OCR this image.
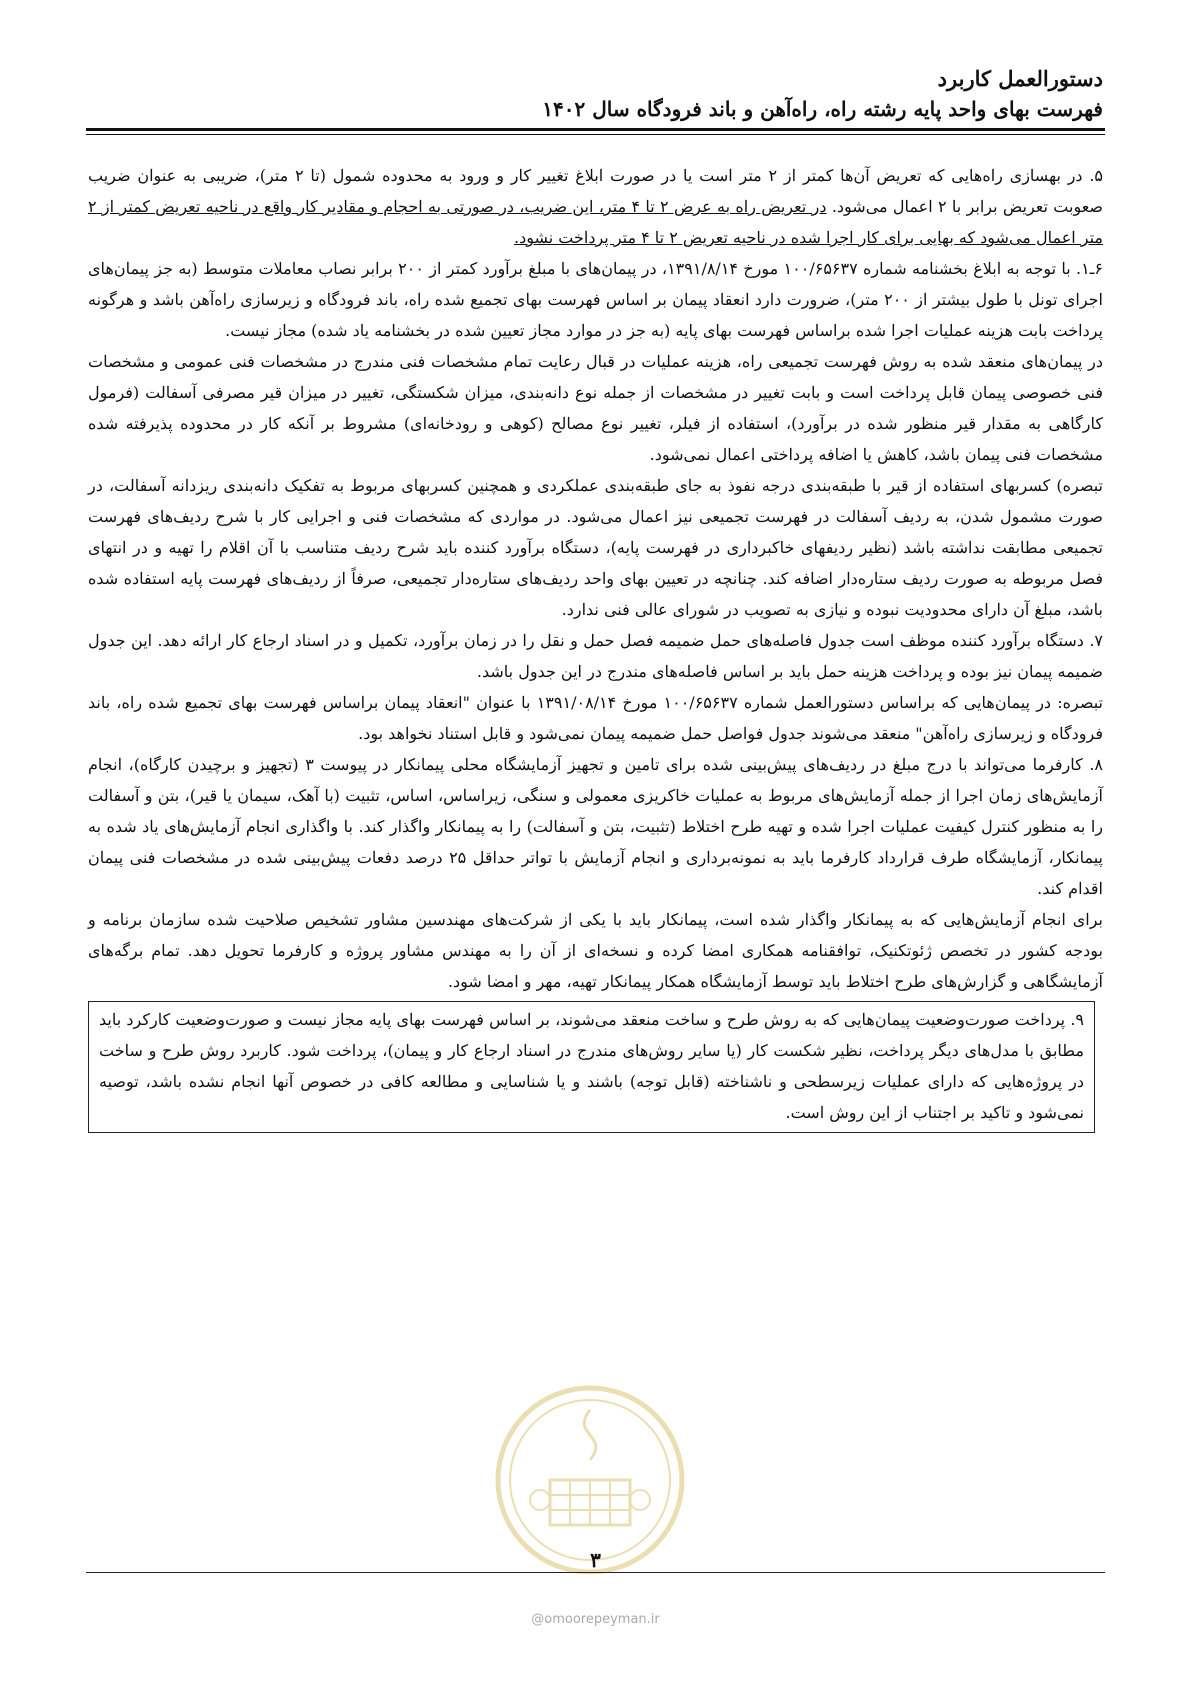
دستورالعمل کاربرد
فهرست بهای واحد پایه رشته راه، راه‌آهن و باند فرودگاه سال ۱۴۰۲

۵. در بهسازی راه‌هایی که تعریض آن‌ها کمتر از ۲ متر است یا در صورت ابلاغ تغییر کار و ورود به محدوده شمول (تا ۲ متر)، ضریبی به عنوان ضریب صعوبت تعریض برابر با ۲ اعمال می‌شود. در تعریض راه به عرض ۲ تا ۴ متر، این ضریب، در صورتی به احجام و مقادیر کار واقع در ناحیه تعریض کمتر از ۲ متر اعمال می‌شود که بهایی برای کار اجرا شده در ناحیه تعریض ۲ تا ۴ متر پرداخت نشود.

۶ـ۱. با توجه به ابلاغ بخشنامه شماره ۱۰۰/۶۵۶۳۷ مورخ ۱۳۹۱/۸/۱۴، در پیمان‌های با مبلغ برآورد کمتر از ۲۰۰ برابر نصاب معاملات متوسط (به جز پیمان‌های اجرای تونل با طول بیشتر از ۲۰۰ متر)، ضرورت دارد انعقاد پیمان بر اساس فهرست بهای تجمیع شده راه، باند فرودگاه و زیرسازی راه‌آهن باشد و هرگونه پرداخت بابت هزینه عملیات اجرا شده براساس فهرست بهای پایه (به جز در موارد مجاز تعیین شده در بخشنامه یاد شده) مجاز نیست.

در پیمان‌های منعقد شده به روش فهرست تجمیعی راه، هزینه عملیات در قبال رعایت تمام مشخصات فنی مندرج در مشخصات فنی عمومی و مشخصات فنی خصوصی پیمان قابل پرداخت است و بابت تغییر در مشخصات از جمله نوع دانه‌بندی، میزان شکستگی، تغییر در میزان قیر مصرفی آسفالت (فرمول کارگاهی به مقدار قیر منظور شده در برآورد)، استفاده از فیلر، تغییر نوع مصالح (کوهی و رودخانه‌ای) مشروط بر آنکه کار در محدوده پذیرفته شده مشخصات فنی پیمان باشد، کاهش یا اضافه پرداختی اعمال نمی‌شود.

تبصره) کسربهای استفاده از قیر با طبقه‌بندی درجه نفوذ به جای طبقه‌بندی عملکردی و همچنین کسربهای مربوط به تفکیک دانه‌بندی ریزدانه آسفالت، در صورت مشمول شدن، به ردیف آسفالت در فهرست تجمیعی نیز اعمال می‌شود. در مواردی که مشخصات فنی و اجرایی کار با شرح ردیف‌های فهرست تجمیعی مطابقت نداشته باشد (نظیر ردیفهای خاکبرداری در فهرست پایه)، دستگاه برآورد کننده باید شرح ردیف متناسب با آن اقلام را تهیه و در انتهای فصل مربوطه به صورت ردیف ستاره‌دار اضافه کند. چنانچه در تعیین بهای واحد ردیف‌های ستاره‌دار تجمیعی، صرفاً از ردیف‌های فهرست پایه استفاده شده باشد، مبلغ آن دارای محدودیت نبوده و نیازی به تصویب در شورای عالی فنی ندارد.

۷. دستگاه برآورد کننده موظف است جدول فاصله‌های حمل ضمیمه فصل حمل و نقل را در زمان برآورد، تکمیل و در اسناد ارجاع کار ارائه دهد. این جدول ضمیمه پیمان نیز بوده و پرداخت هزینه حمل باید بر اساس فاصله‌های مندرج در این جدول باشد.

تبصره: در پیمان‌هایی که براساس دستورالعمل شماره ۱۰۰/۶۵۶۳۷ مورخ ۱۳۹۱/۰۸/۱۴ با عنوان "انعقاد پیمان براساس فهرست بهای تجمیع شده راه، باند فرودگاه و زیرسازی راه‌آهن" منعقد می‌شوند جدول فواصل حمل ضمیمه پیمان نمی‌شود و قابل استناد نخواهد بود.

۸. کارفرما می‌تواند با درج مبلغ در ردیف‌های پیش‌بینی شده برای تامین و تجهیز آزمایشگاه محلی پیمانکار در پیوست ۳ (تجهیز و برچیدن کارگاه)، انجام آزمایش‌های زمان اجرا از جمله آزمایش‌های مربوط به عملیات خاکریزی معمولی و سنگی، زیراساس، اساس، تثبیت (با آهک، سیمان یا قیر)، بتن و آسفالت را به منظور کنترل کیفیت عملیات اجرا شده و تهیه طرح اختلاط (تثبیت، بتن و آسفالت) را به پیمانکار واگذار کند. با واگذاری انجام آزمایش‌های یاد شده به پیمانکار، آزمایشگاه طرف قرارداد کارفرما باید به نمونه‌برداری و انجام آزمایش با تواتر حداقل ۲۵ درصد دفعات پیش‌بینی شده در مشخصات فنی پیمان اقدام کند.

برای انجام آزمایش‌هایی که به پیمانکار واگذار شده است، پیمانکار باید با یکی از شرکت‌های مهندسین مشاور تشخیص صلاحیت شده سازمان برنامه و بودجه کشور در تخصص ژئوتکنیک، توافقنامه همکاری امضا کرده و نسخه‌ای از آن را به مهندس مشاور پروژه و کارفرما تحویل دهد. تمام برگه‌های آزمایشگاهی و گزارش‌های طرح اختلاط باید توسط آزمایشگاه همکار پیمانکار تهیه، مهر و امضا شود.

۹. پرداخت صورت‌وضعیت پیمان‌هایی که به روش طرح و ساخت منعقد می‌شوند، بر اساس فهرست بهای پایه مجاز نیست و صورت‌وضعیت کارکرد باید مطابق با مدل‌های دیگر پرداخت، نظیر شکست کار (یا سایر روش‌های مندرج در اسناد ارجاع کار و پیمان)، پرداخت شود. کاربرد روش طرح و ساخت در پروژه‌هایی که دارای عملیات زیرسطحی و ناشناخته (قابل توجه) باشند و یا شناسایی و مطالعه کافی در خصوص آنها انجام نشده باشد، توصیه نمی‌شود و تاکید بر اجتناب از این روش است.

۳
@omoorepeyman.ir
